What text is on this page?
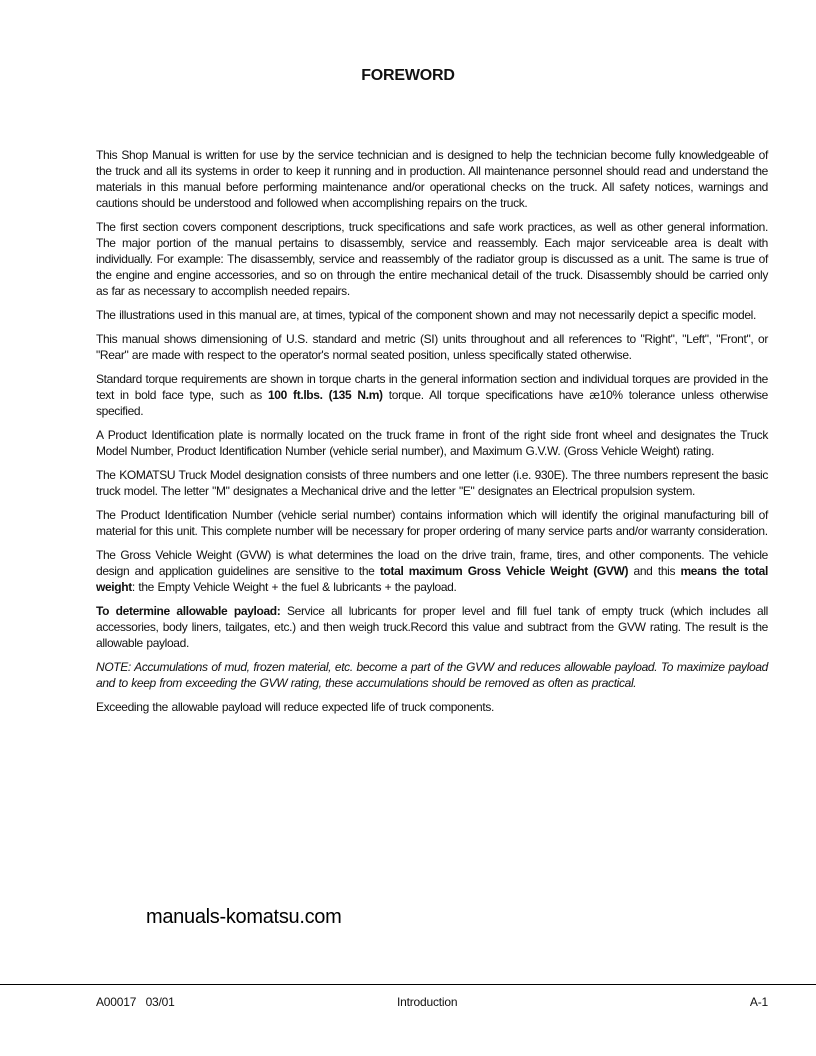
FOREWORD

This Shop Manual is written for use by the service technician and is designed to help the technician become fully knowledgeable of the truck and all its systems in order to keep it running and in production. All maintenance personnel should read and understand the materials in this manual before performing maintenance and/or operational checks on the truck. All safety notices, warnings and cautions should be understood and followed when accomplishing repairs on the truck.

The first section covers component descriptions, truck specifications and safe work practices, as well as other general information. The major portion of the manual pertains to disassembly, service and reassembly. Each major serviceable area is dealt with individually. For example: The disassembly, service and reassembly of the radiator group is discussed as a unit. The same is true of the engine and engine accessories, and so on through the entire mechanical detail of the truck. Disassembly should be carried only as far as necessary to accomplish needed repairs.

The illustrations used in this manual are, at times, typical of the component shown and may not necessarily depict a specific model.

This manual shows dimensioning of U.S. standard and metric (SI) units throughout and all references to "Right", "Left", "Front", or "Rear" are made with respect to the operator's normal seated position, unless specifically stated otherwise.

Standard torque requirements are shown in torque charts in the general information section and individual torques are provided in the text in bold face type, such as 100 ft.lbs. (135 N.m) torque. All torque specifications have æ10% tolerance unless otherwise specified.

A Product Identification plate is normally located on the truck frame in front of the right side front wheel and designates the Truck Model Number, Product Identification Number (vehicle serial number), and Maximum G.V.W. (Gross Vehicle Weight) rating.

The KOMATSU Truck Model designation consists of three numbers and one letter (i.e. 930E). The three numbers represent the basic truck model. The letter "M" designates a Mechanical drive and the letter "E" designates an Electrical propulsion system.

The Product Identification Number (vehicle serial number) contains information which will identify the original manufacturing bill of material for this unit. This complete number will be necessary for proper ordering of many service parts and/or warranty consideration.

The Gross Vehicle Weight (GVW) is what determines the load on the drive train, frame, tires, and other components. The vehicle design and application guidelines are sensitive to the total maximum Gross Vehicle Weight (GVW) and this means the total weight: the Empty Vehicle Weight + the fuel & lubricants + the payload.

To determine allowable payload: Service all lubricants for proper level and fill fuel tank of empty truck (which includes all accessories, body liners, tailgates, etc.) and then weigh truck.Record this value and subtract from the GVW rating. The result is the allowable payload.

NOTE: Accumulations of mud, frozen material, etc. become a part of the GVW and reduces allowable payload. To maximize payload and to keep from exceeding the GVW rating, these accumulations should be removed as often as practical.

Exceeding the allowable payload will reduce expected life of truck components.

manuals-komatsu.com
A00017   03/01	Introduction	A-1
